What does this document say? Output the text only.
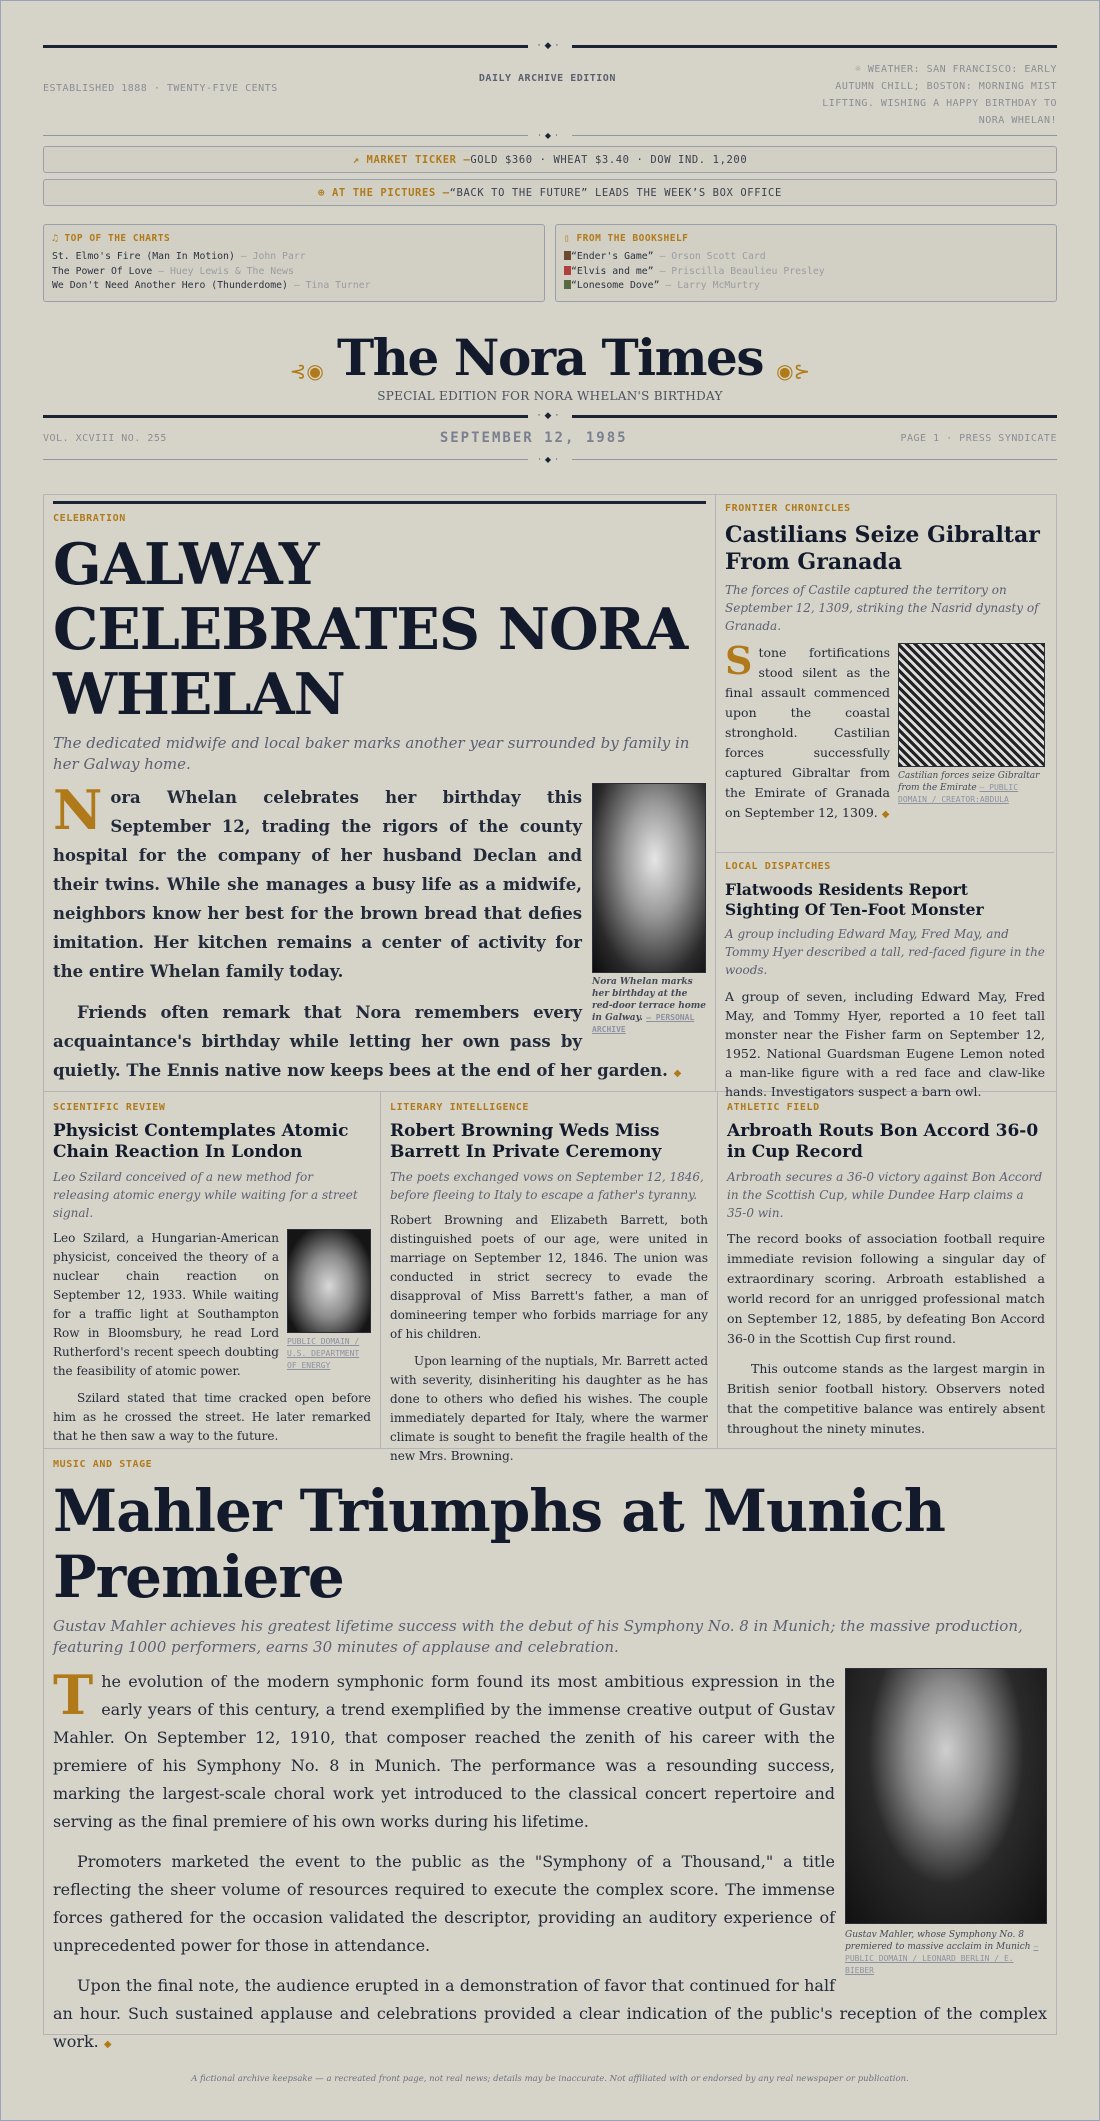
·◆·
ESTABLISHED 1888 · TWENTY-FIVE CENTS
DAILY ARCHIVE EDITION
☼ WEATHER: SAN FRANCISCO: EARLY AUTUMN CHILL; BOSTON: MORNING MIST LIFTING. WISHING A HAPPY BIRTHDAY TO NORA WHELAN!
·◆·
↗ MARKET TICKER — GOLD $360 · WHEAT $3.40 · DOW IND. 1,200
⊕ AT THE PICTURES — “BACK TO THE FUTURE” LEADS THE WEEK’S BOX OFFICE
♫ TOP OF THE CHARTS
St. Elmo's Fire (Man In Motion) — John Parr
The Power Of Love — Huey Lewis & The News
We Don't Need Another Hero (Thunderdome) — Tina Turner
▯ FROM THE BOOKSHELF
“Ender's Game” — Orson Scott Card
“Elvis and me” — Priscilla Beaulieu Presley
“Lonesome Dove” — Larry McMurtry
⊰◉ The Nora Times ◉⊱
SPECIAL EDITION FOR NORA WHELAN'S BIRTHDAY
·◆·
VOL. XCVIII NO. 255	SEPTEMBER 12, 1985	PAGE 1 · PRESS SYNDICATE
·◆·
CELEBRATION
GALWAY CELEBRATES NORA WHELAN
The dedicated midwife and local baker marks another year surrounded by family in her Galway home.
Nora Whelan marks her birthday at the red-door terrace home in Galway. — PERSONAL ARCHIVE

Nora Whelan celebrates her birthday this September 12, trading the rigors of the county hospital for the company of her husband Declan and their twins. While she manages a busy life as a midwife, neighbors know her best for the brown bread that defies imitation. Her kitchen remains a center of activity for the entire Whelan family today.

Friends often remark that Nora remembers every acquaintance's birthday while letting her own pass by quietly. The Ennis native now keeps bees at the end of her garden. ◆

FRONTIER CHRONICLES
Castilians Seize Gibraltar From Granada
The forces of Castile captured the territory on September 12, 1309, striking the Nasrid dynasty of Granada.
Castilian forces seize Gibraltar from the Emirate — PUBLIC DOMAIN / CREATOR:ABDULA

Stone fortifications stood silent as the final assault commenced upon the coastal stronghold. Castilian forces successfully captured Gibraltar from the Emirate of Granada on September 12, 1309. ◆

LOCAL DISPATCHES
Flatwoods Residents Report Sighting Of Ten-Foot Monster
A group including Edward May, Fred May, and Tommy Hyer described a tall, red-faced figure in the woods.

A group of seven, including Edward May, Fred May, and Tommy Hyer, reported a 10 feet tall monster near the Fisher farm on September 12, 1952. National Guardsman Eugene Lemon noted a man-like figure with a red face and claw-like hands. Investigators suspect a barn owl.

SCIENTIFIC REVIEW
Physicist Contemplates Atomic Chain Reaction In London
Leo Szilard conceived of a new method for releasing atomic energy while waiting for a street signal.
PUBLIC DOMAIN / U.S. DEPARTMENT OF ENERGY

Leo Szilard, a Hungarian-American physicist, conceived the theory of a nuclear chain reaction on September 12, 1933. While waiting for a traffic light at Southampton Row in Bloomsbury, he read Lord Rutherford's recent speech doubting the feasibility of atomic power.

Szilard stated that time cracked open before him as he crossed the street. He later remarked that he then saw a way to the future.

LITERARY INTELLIGENCE
Robert Browning Weds Miss Barrett In Private Ceremony
The poets exchanged vows on September 12, 1846, before fleeing to Italy to escape a father's tyranny.

Robert Browning and Elizabeth Barrett, both distinguished poets of our age, were united in marriage on September 12, 1846. The union was conducted in strict secrecy to evade the disapproval of Miss Barrett's father, a man of domineering temper who forbids marriage for any of his children.

Upon learning of the nuptials, Mr. Barrett acted with severity, disinheriting his daughter as he has done to others who defied his wishes. The couple immediately departed for Italy, where the warmer climate is sought to benefit the fragile health of the new Mrs. Browning.

ATHLETIC FIELD
Arbroath Routs Bon Accord 36-0 in Cup Record
Arbroath secures a 36-0 victory against Bon Accord in the Scottish Cup, while Dundee Harp claims a 35-0 win.

The record books of association football require immediate revision following a singular day of extraordinary scoring. Arbroath established a world record for an unrigged professional match on September 12, 1885, by defeating Bon Accord 36-0 in the Scottish Cup first round.

This outcome stands as the largest margin in British senior football history. Observers noted that the competitive balance was entirely absent throughout the ninety minutes.

MUSIC AND STAGE
Mahler Triumphs at Munich Premiere
Gustav Mahler achieves his greatest lifetime success with the debut of his Symphony No. 8 in Munich; the massive production, featuring 1000 performers, earns 30 minutes of applause and celebration.
Gustav Mahler, whose Symphony No. 8 premiered to massive acclaim in Munich — PUBLIC DOMAIN / LEONARD BERLIN / E. BIEBER

The evolution of the modern symphonic form found its most ambitious expression in the early years of this century, a trend exemplified by the immense creative output of Gustav Mahler. On September 12, 1910, that composer reached the zenith of his career with the premiere of his Symphony No. 8 in Munich. The performance was a resounding success, marking the largest-scale choral work yet introduced to the classical concert repertoire and serving as the final premiere of his own works during his lifetime.

Promoters marketed the event to the public as the "Symphony of a Thousand," a title reflecting the sheer volume of resources required to execute the complex score. The immense forces gathered for the occasion validated the descriptor, providing an auditory experience of unprecedented power for those in attendance.

Upon the final note, the audience erupted in a demonstration of favor that continued for half an hour. Such sustained applause and celebrations provided a clear indication of the public's reception of the complex work. ◆

A fictional archive keepsake — a recreated front page, not real news; details may be inaccurate. Not affiliated with or endorsed by any real newspaper or publication.
